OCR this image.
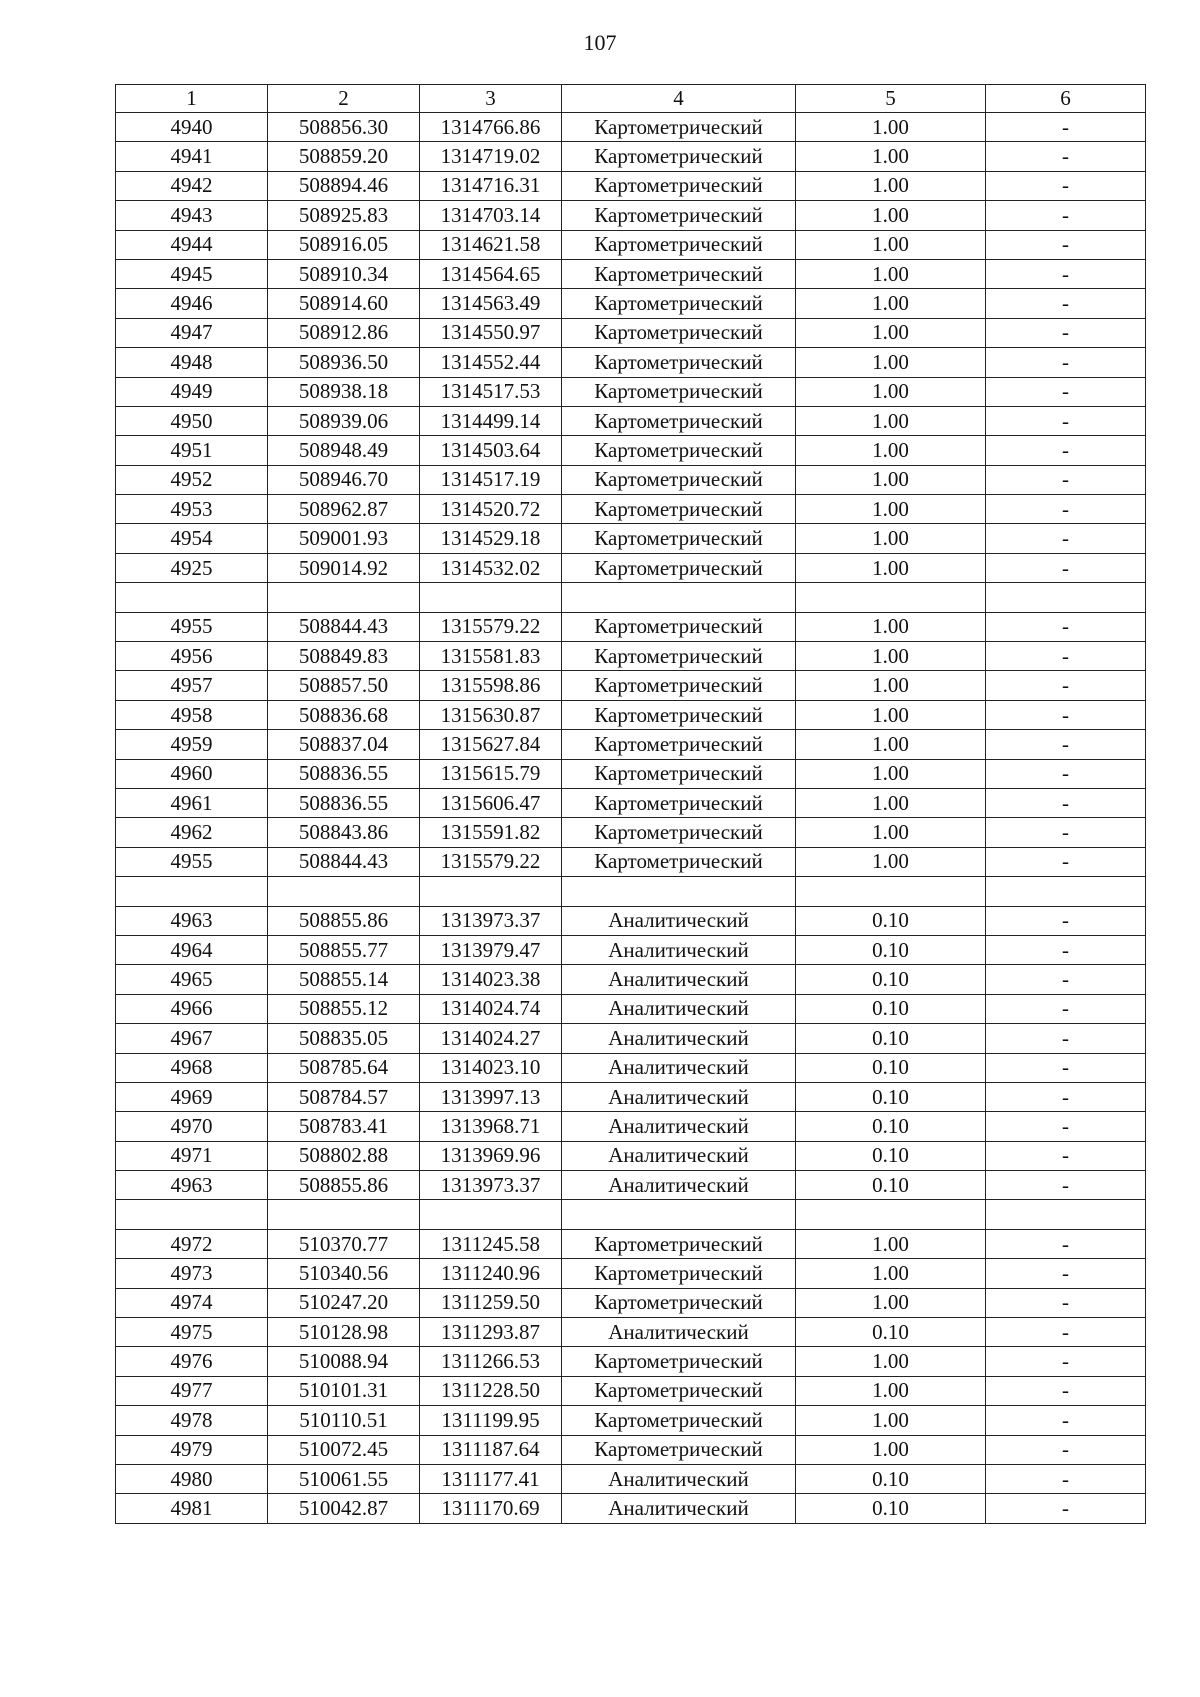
107
1	2	3	4	5	6
4940	508856.30	1314766.86	Картометрический	1.00	-
4941	508859.20	1314719.02	Картометрический	1.00	-
4942	508894.46	1314716.31	Картометрический	1.00	-
4943	508925.83	1314703.14	Картометрический	1.00	-
4944	508916.05	1314621.58	Картометрический	1.00	-
4945	508910.34	1314564.65	Картометрический	1.00	-
4946	508914.60	1314563.49	Картометрический	1.00	-
4947	508912.86	1314550.97	Картометрический	1.00	-
4948	508936.50	1314552.44	Картометрический	1.00	-
4949	508938.18	1314517.53	Картометрический	1.00	-
4950	508939.06	1314499.14	Картометрический	1.00	-
4951	508948.49	1314503.64	Картометрический	1.00	-
4952	508946.70	1314517.19	Картометрический	1.00	-
4953	508962.87	1314520.72	Картометрический	1.00	-
4954	509001.93	1314529.18	Картометрический	1.00	-
4925	509014.92	1314532.02	Картометрический	1.00	-

4955	508844.43	1315579.22	Картометрический	1.00	-
4956	508849.83	1315581.83	Картометрический	1.00	-
4957	508857.50	1315598.86	Картометрический	1.00	-
4958	508836.68	1315630.87	Картометрический	1.00	-
4959	508837.04	1315627.84	Картометрический	1.00	-
4960	508836.55	1315615.79	Картометрический	1.00	-
4961	508836.55	1315606.47	Картометрический	1.00	-
4962	508843.86	1315591.82	Картометрический	1.00	-
4955	508844.43	1315579.22	Картометрический	1.00	-

4963	508855.86	1313973.37	Аналитический	0.10	-
4964	508855.77	1313979.47	Аналитический	0.10	-
4965	508855.14	1314023.38	Аналитический	0.10	-
4966	508855.12	1314024.74	Аналитический	0.10	-
4967	508835.05	1314024.27	Аналитический	0.10	-
4968	508785.64	1314023.10	Аналитический	0.10	-
4969	508784.57	1313997.13	Аналитический	0.10	-
4970	508783.41	1313968.71	Аналитический	0.10	-
4971	508802.88	1313969.96	Аналитический	0.10	-
4963	508855.86	1313973.37	Аналитический	0.10	-

4972	510370.77	1311245.58	Картометрический	1.00	-
4973	510340.56	1311240.96	Картометрический	1.00	-
4974	510247.20	1311259.50	Картометрический	1.00	-
4975	510128.98	1311293.87	Аналитический	0.10	-
4976	510088.94	1311266.53	Картометрический	1.00	-
4977	510101.31	1311228.50	Картометрический	1.00	-
4978	510110.51	1311199.95	Картометрический	1.00	-
4979	510072.45	1311187.64	Картометрический	1.00	-
4980	510061.55	1311177.41	Аналитический	0.10	-
4981	510042.87	1311170.69	Аналитический	0.10	-
